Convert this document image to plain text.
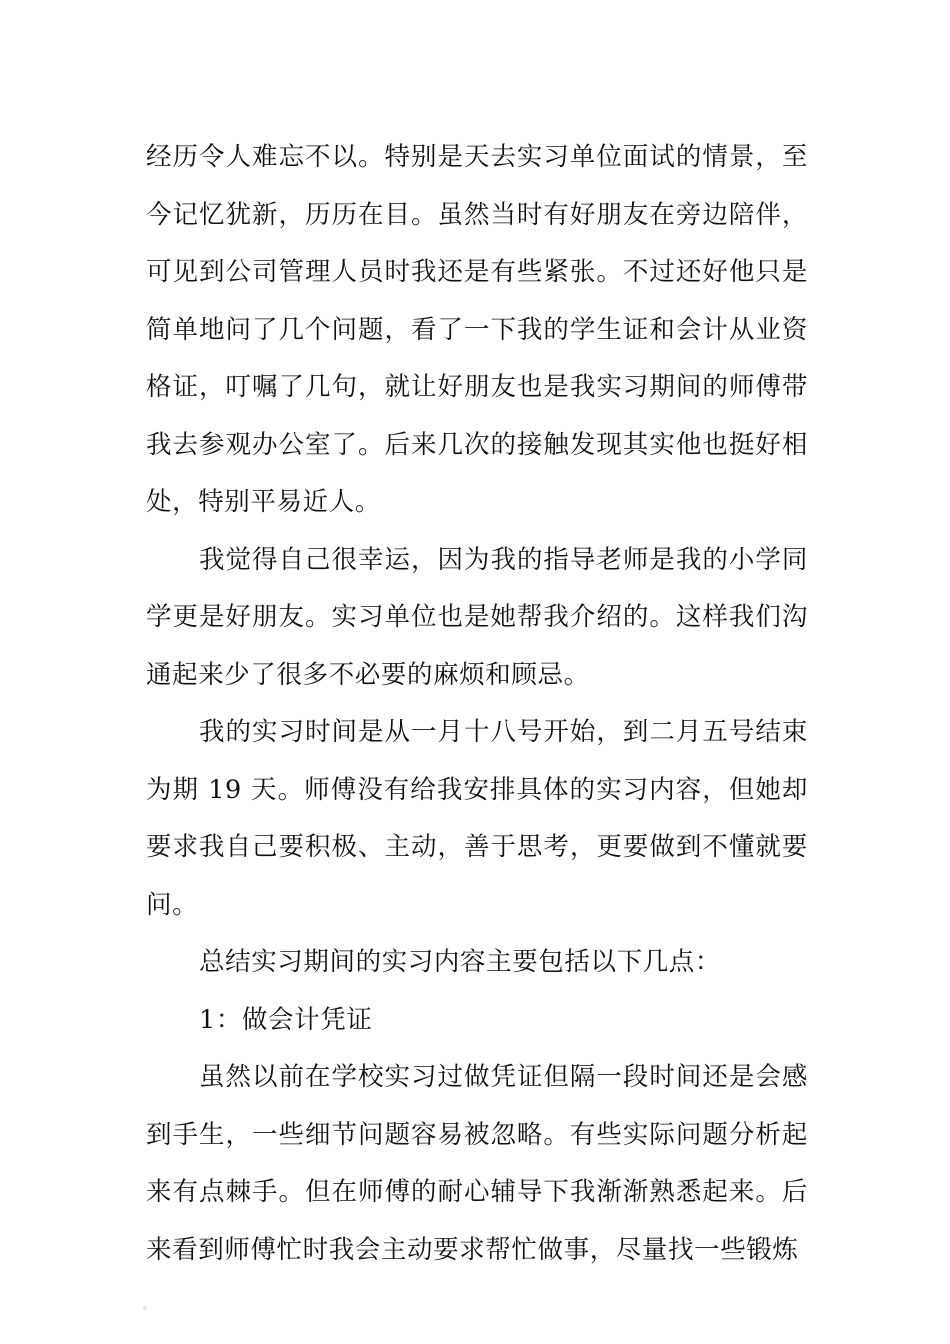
经历令人难忘不以。特别是天去实习单位面试的情景，至今记忆犹新，历历在目。虽然当时有好朋友在旁边陪伴，可见到公司管理人员时我还是有些紧张。不过还好他只是简单地问了几个问题，看了一下我的学生证和会计从业资格证，叮嘱了几句，就让好朋友也是我实习期间的师傅带我去参观办公室了。后来几次的接触发现其实他也挺好相处，特别平易近人。

我觉得自己很幸运，因为我的指导老师是我的小学同学更是好朋友。实习单位也是她帮我介绍的。这样我们沟通起来少了很多不必要的麻烦和顾忌。

我的实习时间是从一月十八号开始，到二月五号结束为期 19 天。师傅没有给我安排具体的实习内容，但她却要求我自己要积极、主动，善于思考，更要做到不懂就要问。

总结实习期间的实习内容主要包括以下几点：

1：做会计凭证

虽然以前在学校实习过做凭证但隔一段时间还是会感到手生，一些细节问题容易被忽略。有些实际问题分析起来有点棘手。但在师傅的耐心辅导下我渐渐熟悉起来。后来看到师傅忙时我会主动要求帮忙做事，尽量找一些锻炼
